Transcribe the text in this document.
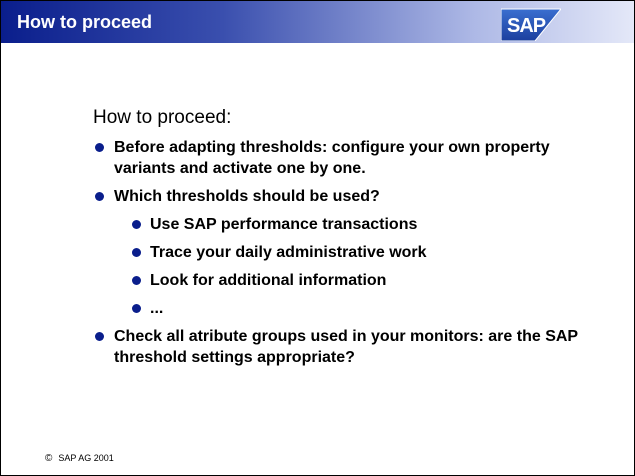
How to proceed	SAP
How to proceed:
Before adapting thresholds: configure your own property variants and activate one by one.
Which thresholds should be used?
Use SAP performance transactions
Trace your daily administrative work
Look for additional information
...
Check all atribute groups used in your monitors: are the SAP threshold settings appropriate?
© SAP AG 2001
